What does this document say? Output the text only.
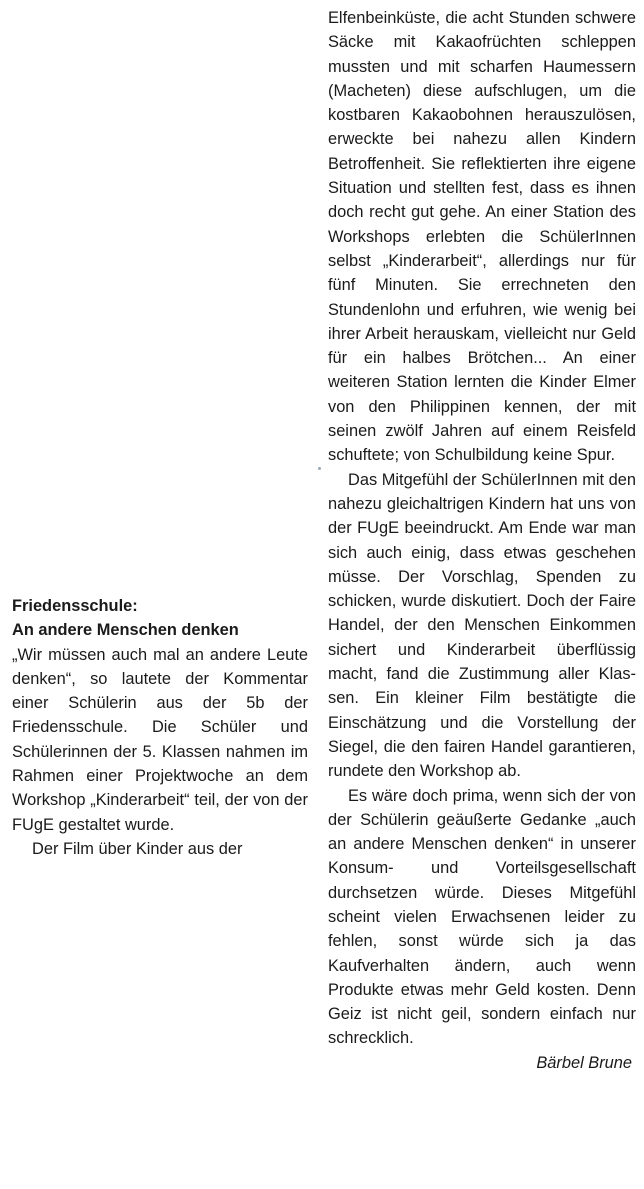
Friedensschule:
An andere Menschen denken

„Wir müssen auch mal an andere Leute denken“, so lautete der Kommentar einer Schülerin aus der 5b der Friedensschule. Die Schüler und Schülerinnen der 5. Klassen nahmen im Rahmen einer Projektwoche an dem Workshop „Kinderarbeit“ teil, der von der FUgE gestaltet wurde.

Der Film über Kinder aus der

Elfenbeinküste, die acht Stunden schwere Säcke mit Kakaofrüchten schleppen mussten und mit scharfen Haumessern (Macheten) diese aufschlugen, um die kostbaren Kakaobohnen herauszulösen, erweckte bei nahezu allen Kindern Betroffenheit. Sie reflektierten ihre eigene Situation und stellten fest, dass es ihnen doch recht gut gehe. An einer Station des Workshops erlebten die SchülerInnen selbst „Kinderarbeit“, allerdings nur für fünf Minuten. Sie errechneten den Stundenlohn und erfuhren, wie wenig bei ihrer Arbeit herauskam, vielleicht nur Geld für ein halbes Brötchen... An einer weiteren Station lernten die Kinder Elmer von den Philippinen kennen, der mit seinen zwölf Jahren auf einem Reisfeld schuftete; von Schulbildung keine Spur.

Das Mitgefühl der SchülerInnen mit den nahezu gleichaltrigen Kindern hat uns von der FUgE beeindruckt. Am Ende war man sich auch einig, dass etwas geschehen müsse. Der Vorschlag, Spenden zu schicken, wurde diskutiert. Doch der Faire Handel, der den Menschen Einkommen sichert und Kinderarbeit überflüssig macht, fand die Zustimmung aller Klassen. Ein kleiner Film bestätigte die Einschätzung und die Vorstellung der Siegel, die den fairen Handel garantieren, rundete den Workshop ab.

Es wäre doch prima, wenn sich der von der Schülerin geäußerte Gedanke „auch an andere Menschen denken“ in unserer Konsum- und Vorteilsgesellschaft durchsetzen würde. Dieses Mitgefühl scheint vielen Erwachsenen leider zu fehlen, sonst würde sich ja das Kaufverhalten ändern, auch wenn Produkte etwas mehr Geld kosten. Denn Geiz ist nicht geil, sondern einfach nur schrecklich.

Bärbel Brune
